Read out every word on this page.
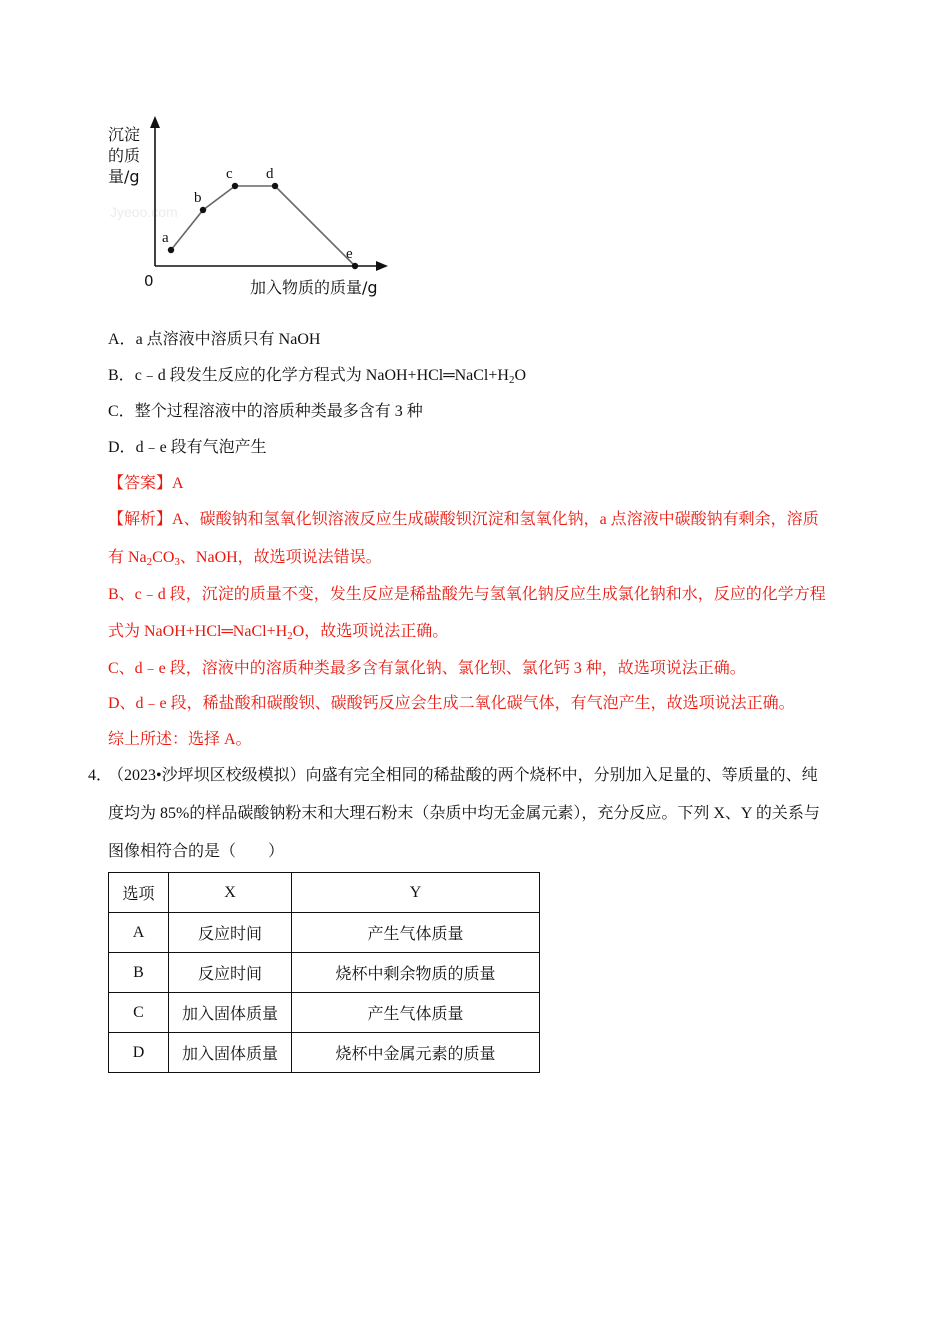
Jyeoo.com
沉淀
的质
量/g
0	加入物质的质量/g
a
b
c d
e
A．a 点溶液中溶质只有 NaOH
B．c﹣d 段发生反应的化学方程式为 $NaOH+HCl═NaCl+H_2O$
C．整个过程溶液中的溶质种类最多含有 3 种
D．d﹣e 段有气泡产生
【答案】A
【解析】A、碳酸钠和氢氧化钡溶液反应生成碳酸钡沉淀和氢氧化钠，a 点溶液中碳酸钠有剩余，溶质
有 $Na_2CO_3$、NaOH，故选项说法错误。
B、c﹣d 段，沉淀的质量不变，发生反应是稀盐酸先与氢氧化钠反应生成氯化钠和水，反应的化学方程
式为 $NaOH+HCl═NaCl+H_2O$，故选项说法正确。
C、d﹣e 段，溶液中的溶质种类最多含有氯化钠、氯化钡、氯化钙 3 种，故选项说法正确。
D、d﹣e 段，稀盐酸和碳酸钡、碳酸钙反应会生成二氧化碳气体，有气泡产生，故选项说法正确。
综上所述：选择 A。
4．
（2023•沙坪坝区校级模拟）向盛有完全相同的稀盐酸的两个烧杯中，分别加入足量的、等质量的、纯
度均为 85%的样品碳酸钠粉末和大理石粉末（杂质中均无金属元素），充分反应。下列 X、Y 的关系与
图像相符合的是（　　）
选项	X	Y
A	反应时间	产生气体质量
B	反应时间	烧杯中剩余物质的质量
C	加入固体质量	产生气体质量
D	加入固体质量	烧杯中金属元素的质量
